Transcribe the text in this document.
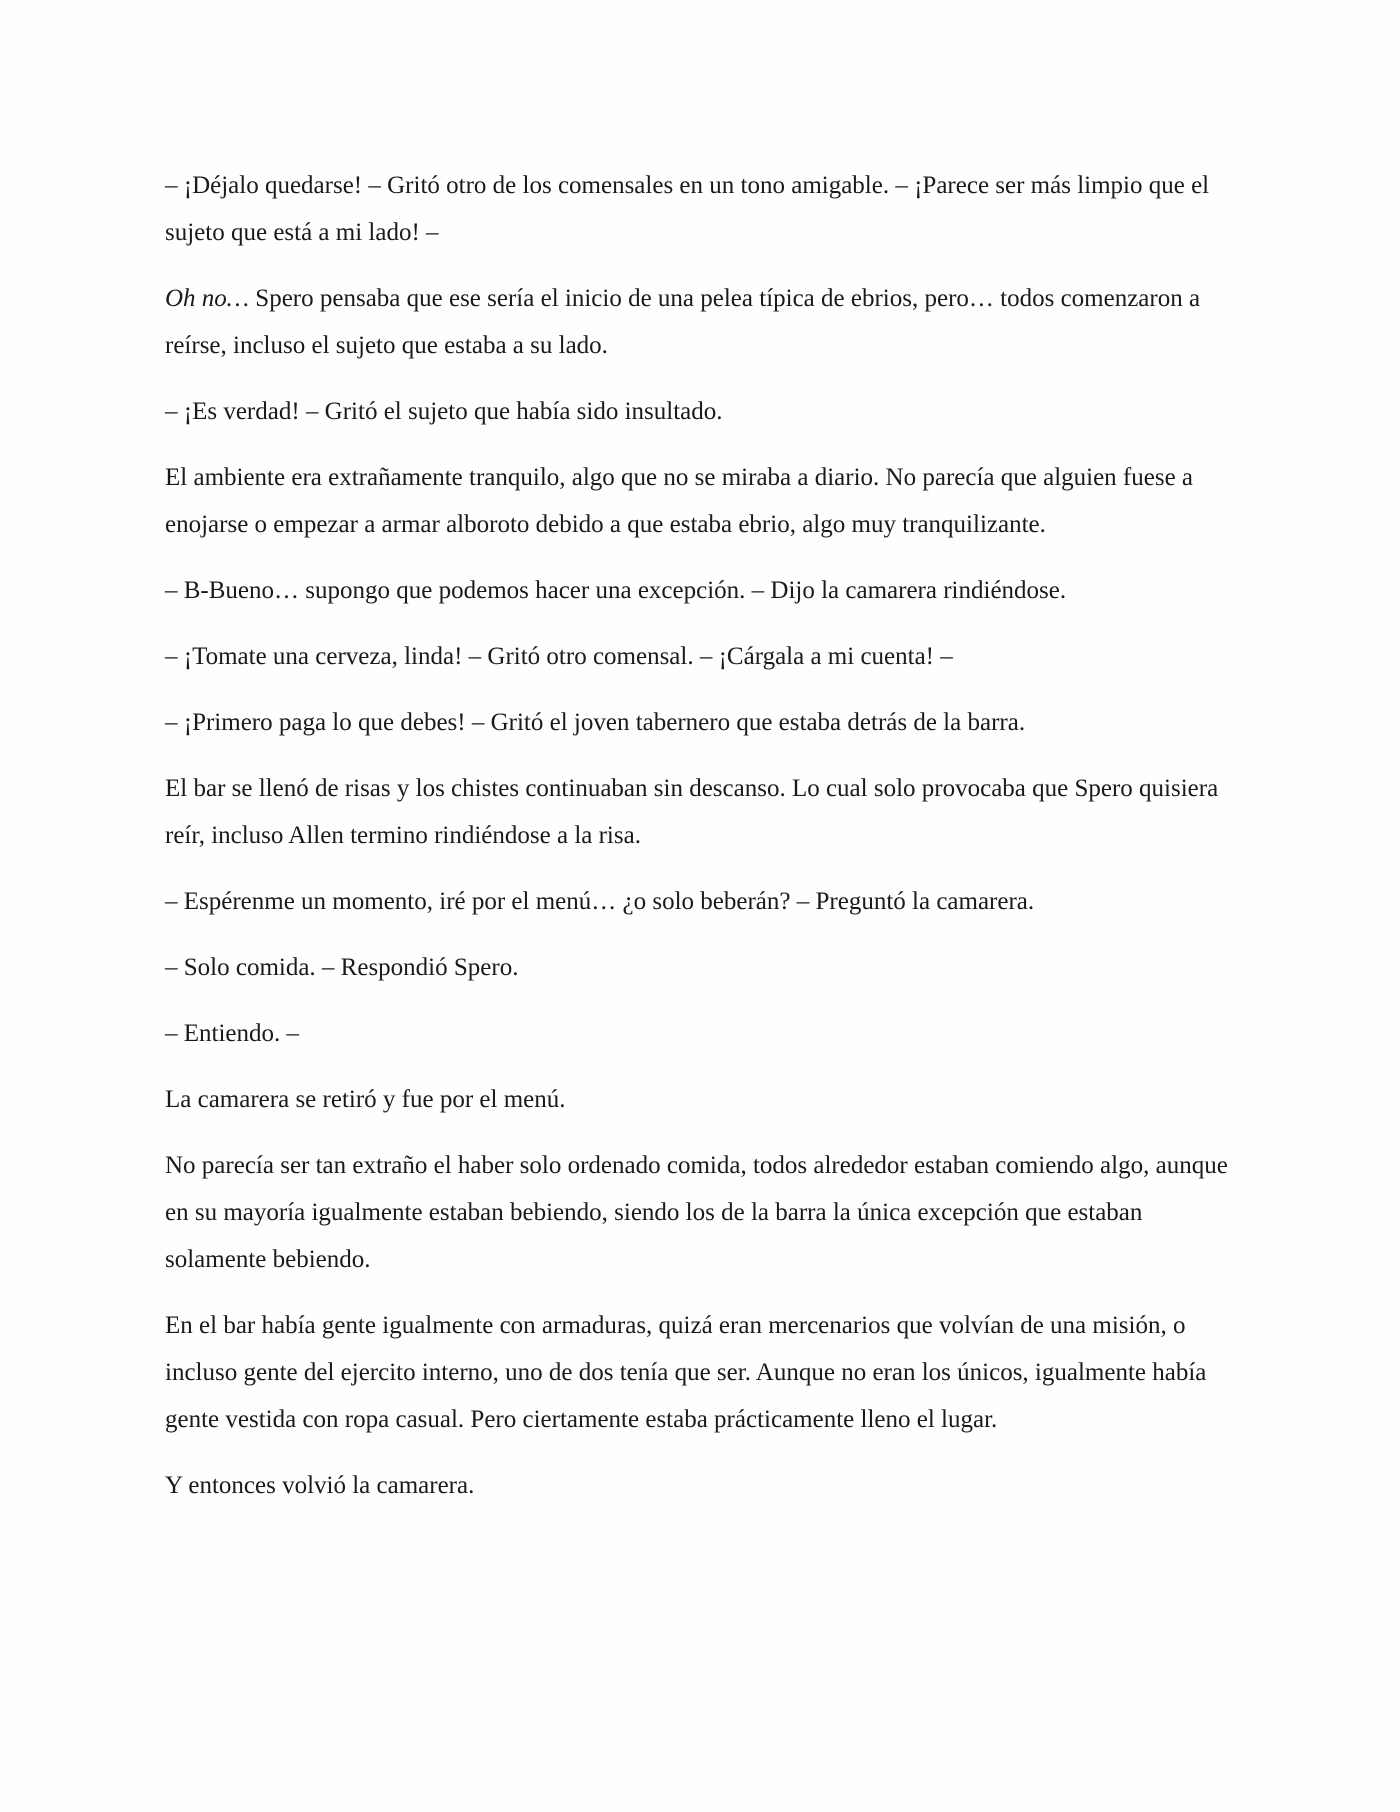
– ¡Déjalo quedarse! – Gritó otro de los comensales en un tono amigable. – ¡Parece ser más limpio que el sujeto que está a mi lado! –

Oh no… Spero pensaba que ese sería el inicio de una pelea típica de ebrios, pero… todos comenzaron a reírse, incluso el sujeto que estaba a su lado.

– ¡Es verdad! – Gritó el sujeto que había sido insultado.

El ambiente era extrañamente tranquilo, algo que no se miraba a diario. No parecía que alguien fuese a enojarse o empezar a armar alboroto debido a que estaba ebrio, algo muy tranquilizante.

– B-Bueno… supongo que podemos hacer una excepción. – Dijo la camarera rindiéndose.

– ¡Tomate una cerveza, linda! – Gritó otro comensal. – ¡Cárgala a mi cuenta! –

– ¡Primero paga lo que debes! – Gritó el joven tabernero que estaba detrás de la barra.

El bar se llenó de risas y los chistes continuaban sin descanso. Lo cual solo provocaba que Spero quisiera reír, incluso Allen termino rindiéndose a la risa.

– Espérenme un momento, iré por el menú… ¿o solo beberán? – Preguntó la camarera.

– Solo comida. – Respondió Spero.

– Entiendo. –

La camarera se retiró y fue por el menú.

No parecía ser tan extraño el haber solo ordenado comida, todos alrededor estaban comiendo algo, aunque en su mayoría igualmente estaban bebiendo, siendo los de la barra la única excepción que estaban solamente bebiendo.

En el bar había gente igualmente con armaduras, quizá eran mercenarios que volvían de una misión, o incluso gente del ejercito interno, uno de dos tenía que ser. Aunque no eran los únicos, igualmente había gente vestida con ropa casual. Pero ciertamente estaba prácticamente lleno el lugar.

Y entonces volvió la camarera.
